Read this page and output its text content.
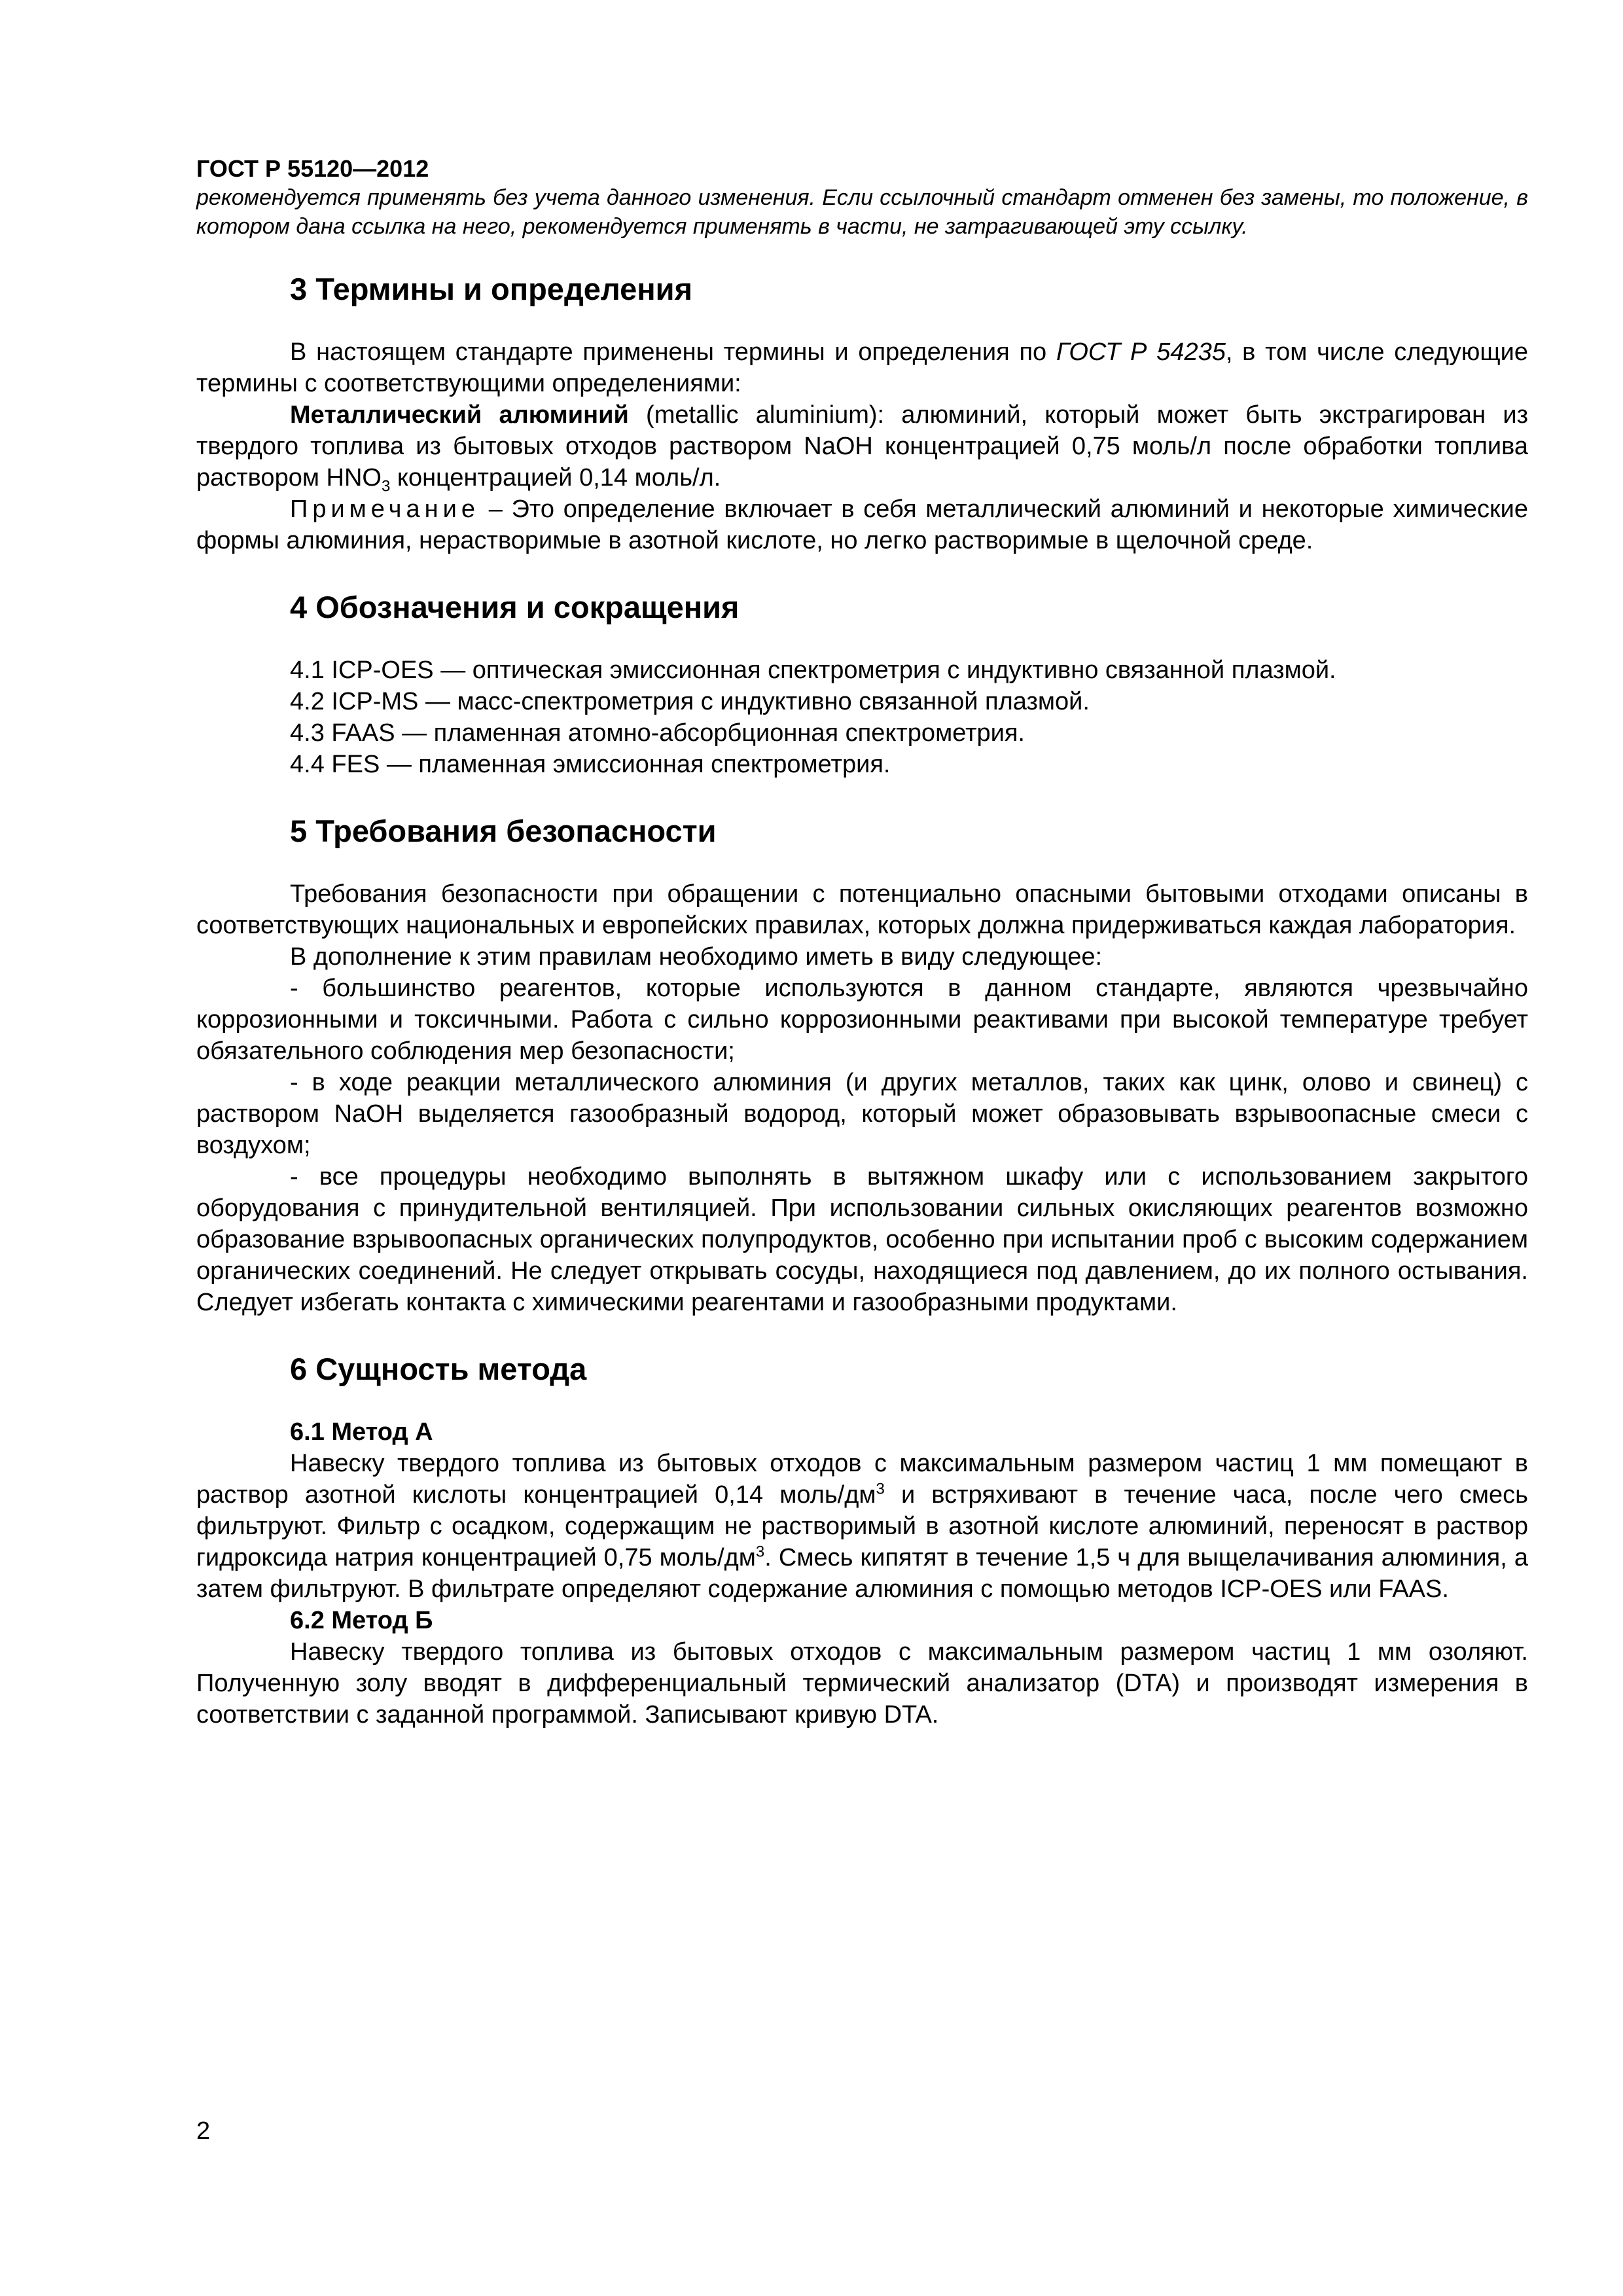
ГОСТ Р 55120—2012

рекомендуется применять без учета данного изменения. Если ссылочный стандарт отменен без замены, то положение, в котором дана ссылка на него, рекомендуется применять в части, не затрагивающей эту ссылку.

3 Термины и определения

В настоящем стандарте применены термины и определения по ГОСТ Р 54235, в том числе следующие термины с соответствующими определениями:

Металлический алюминий (metallic aluminium): алюминий, который может быть экстрагирован из твердого топлива из бытовых отходов раствором NaOH концентрацией 0,75 моль/л после обработки топлива раствором $HNO_3$ концентрацией 0,14 моль/л.

Примечание – Это определение включает в себя металлический алюминий и некоторые химические формы алюминия, нерастворимые в азотной кислоте, но легко растворимые в щелочной среде.

4 Обозначения и сокращения

4.1 ICP-OES — оптическая эмиссионная спектрометрия с индуктивно связанной плазмой.

4.2 ICP-MS — масс-спектрометрия с индуктивно связанной плазмой.

4.3 FAAS — пламенная атомно-абсорбционная спектрометрия.

4.4 FES — пламенная эмиссионная спектрометрия.

5 Требования безопасности

Требования безопасности при обращении с потенциально опасными бытовыми отходами описаны в соответствующих национальных и европейских правилах, которых должна придерживаться каждая лаборатория.

В дополнение к этим правилам необходимо иметь в виду следующее:

- большинство реагентов, которые используются в данном стандарте, являются чрезвычайно коррозионными и токсичными. Работа с сильно коррозионными реактивами при высокой температуре требует обязательного соблюдения мер безопасности;

- в ходе реакции металлического алюминия (и других металлов, таких как цинк, олово и свинец) с раствором NaOH выделяется газообразный водород, который может образовывать взрывоопасные смеси с воздухом;

- все процедуры необходимо выполнять в вытяжном шкафу или с использованием закрытого оборудования с принудительной вентиляцией. При использовании сильных окисляющих реагентов возможно образование взрывоопасных органических полупродуктов, особенно при испытании проб с высоким содержанием органических соединений. Не следует открывать сосуды, находящиеся под давлением, до их полного остывания. Следует избегать контакта с химическими реагентами и газообразными продуктами.

6 Сущность метода

6.1 Метод А

Навеску твердого топлива из бытовых отходов с максимальным размером частиц 1 мм помещают в раствор азотной кислоты концентрацией 0,14 моль/$дм^3$ и встряхивают в течение часа, после чего смесь фильтруют. Фильтр с осадком, содержащим не растворимый в азотной кислоте алюминий, переносят в раствор гидроксида натрия концентрацией 0,75 моль/$дм^3$. Смесь кипятят в течение 1,5 ч для выщелачивания алюминия, а затем фильтруют. В фильтрате определяют содержание алюминия с помощью методов ICP-OES или FAAS.

6.2 Метод Б

Навеску твердого топлива из бытовых отходов с максимальным размером частиц 1 мм озоляют. Полученную золу вводят в дифференциальный термический анализатор (DTA) и производят измерения в соответствии с заданной программой. Записывают кривую DTA.

2
